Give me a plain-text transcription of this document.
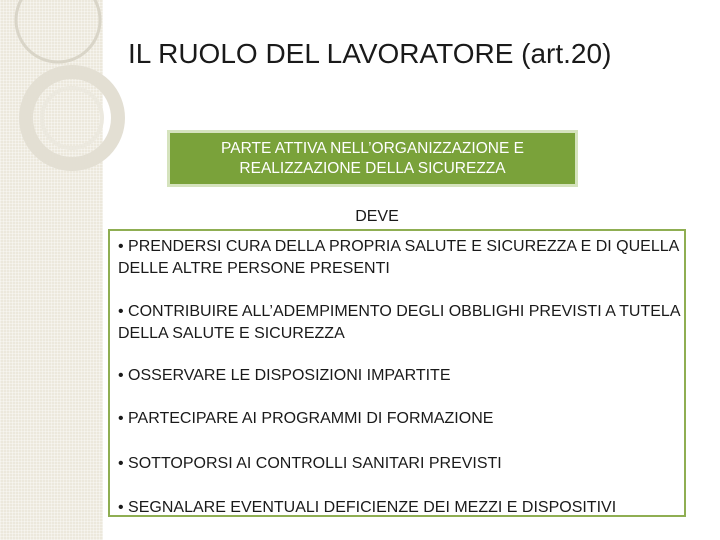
IL RUOLO DEL LAVORATORE (art.20)
PARTE ATTIVA NELL’ORGANIZZAZIONE E
REALIZZAZIONE DELLA SICUREZZA
DEVE
• PRENDERSI CURA DELLA PROPRIA SALUTE E SICUREZZA E DI QUELLA DELLE ALTRE PERSONE PRESENTI
• CONTRIBUIRE ALL’ADEMPIMENTO DEGLI OBBLIGHI PREVISTI A TUTELA DELLA SALUTE E SICUREZZA
• OSSERVARE LE DISPOSIZIONI IMPARTITE
• PARTECIPARE AI PROGRAMMI DI FORMAZIONE
• SOTTOPORSI AI CONTROLLI SANITARI PREVISTI
• SEGNALARE EVENTUALI DEFICIENZE DEI MEZZI E DISPOSITIVI
